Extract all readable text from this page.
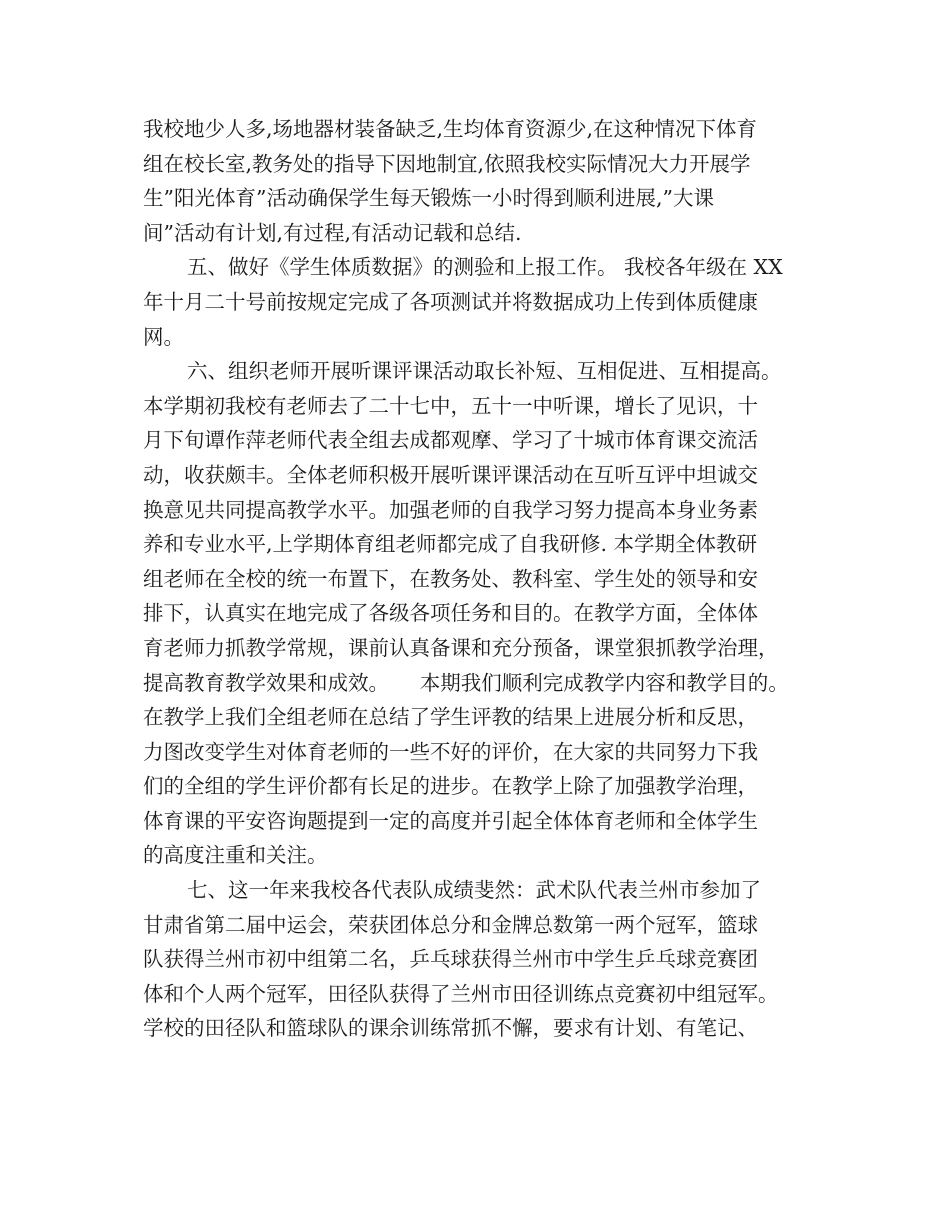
我校地少人多,场地器材装备缺乏,生均体育资源少,在这种情况下体育
组在校长室,教务处的指导下因地制宜,依照我校实际情况大力开展学
生”阳光体育”活动确保学生每天锻炼一小时得到顺利进展,”大课
间”活动有计划,有过程,有活动记载和总结.
五、做好《学生体质数据》的测验和上报工作。 我校各年级在 XX
年十月二十号前按规定完成了各项测试并将数据成功上传到体质健康
网。
六、组织老师开展听课评课活动取长补短、互相促进、互相提高。
本学期初我校有老师去了二十七中，五十一中听课，增长了见识，十
月下旬谭作萍老师代表全组去成都观摩、学习了十城市体育课交流活
动，收获颇丰。全体老师积极开展听课评课活动在互听互评中坦诚交
换意见共同提高教学水平。加强老师的自我学习努力提高本身业务素
养和专业水平,上学期体育组老师都完成了自我研修. 本学期全体教研
组老师在全校的统一布置下，在教务处、教科室、学生处的领导和安
排下，认真实在地完成了各级各项任务和目的。在教学方面，全体体
育老师力抓教学常规，课前认真备课和充分预备，课堂狠抓教学治理，
提高教育教学效果和成效。　　本期我们顺利完成教学内容和教学目的。
在教学上我们全组老师在总结了学生评教的结果上进展分析和反思，
力图改变学生对体育老师的一些不好的评价，在大家的共同努力下我
们的全组的学生评价都有长足的进步。在教学上除了加强教学治理，
体育课的平安咨询题提到一定的高度并引起全体体育老师和全体学生
的高度注重和关注。
七、这一年来我校各代表队成绩斐然：武术队代表兰州市参加了
甘肃省第二届中运会，荣获团体总分和金牌总数第一两个冠军，篮球
队获得兰州市初中组第二名，乒乓球获得兰州市中学生乒乓球竞赛团
体和个人两个冠军，田径队获得了兰州市田径训练点竞赛初中组冠军。
学校的田径队和篮球队的课余训练常抓不懈，要求有计划、有笔记、
